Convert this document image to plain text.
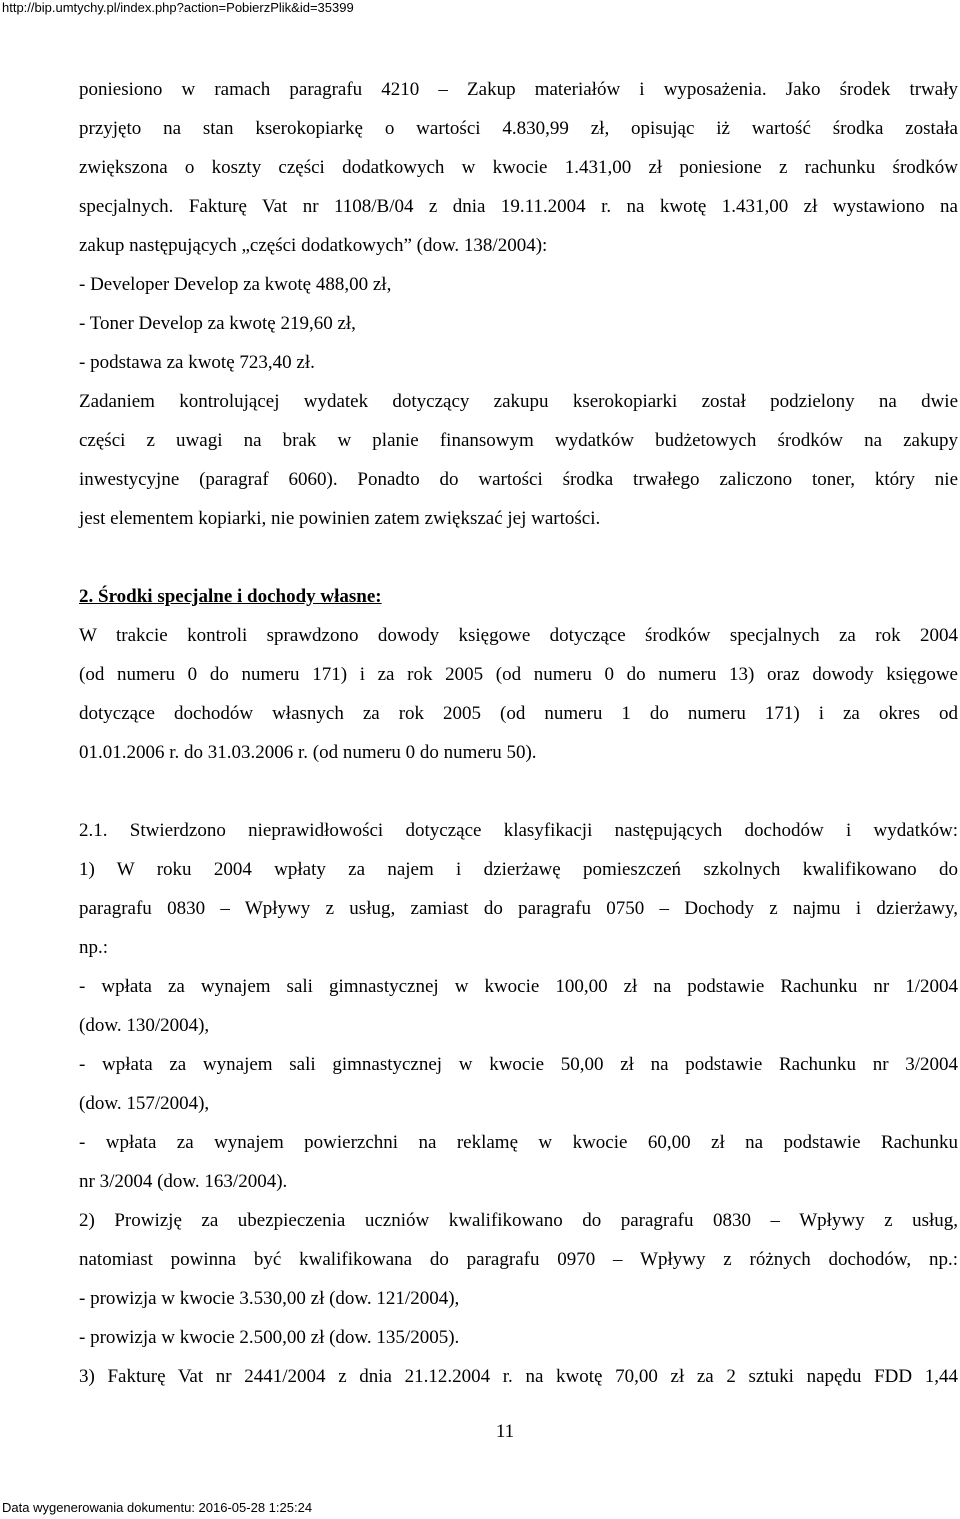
http://bip.umtychy.pl/index.php?action=PobierzPlik&id=35399
poniesiono w ramach paragrafu 4210 – Zakup materiałów i wyposażenia. Jako środek trwały
przyjęto na stan kserokopiarkę o wartości 4.830,99 zł, opisując iż wartość środka została
zwiększona o koszty części dodatkowych w kwocie 1.431,00 zł poniesione z rachunku środków
specjalnych. Fakturę Vat nr 1108/B/04 z dnia 19.11.2004 r. na kwotę 1.431,00 zł wystawiono na
zakup następujących „części dodatkowych” (dow. 138/2004):
- Developer Develop za kwotę 488,00 zł,
- Toner Develop za kwotę 219,60 zł,
- podstawa za kwotę 723,40 zł.
Zadaniem kontrolującej wydatek dotyczący zakupu kserokopiarki został podzielony na dwie
części z uwagi na brak w planie finansowym wydatków budżetowych środków na zakupy
inwestycyjne (paragraf 6060). Ponadto do wartości środka trwałego zaliczono toner, który nie
jest elementem kopiarki, nie powinien zatem zwiększać jej wartości.
2. Środki specjalne i dochody własne:
W trakcie kontroli sprawdzono dowody księgowe dotyczące środków specjalnych za rok 2004
(od numeru 0 do numeru 171) i za rok 2005 (od numeru 0 do numeru 13) oraz dowody księgowe
dotyczące dochodów własnych za rok 2005 (od numeru 1 do numeru 171) i za okres od
01.01.2006 r. do 31.03.2006 r. (od numeru 0 do numeru 50).
2.1. Stwierdzono nieprawidłowości dotyczące klasyfikacji następujących dochodów i wydatków:
1) W roku 2004 wpłaty za najem i dzierżawę pomieszczeń szkolnych kwalifikowano do
paragrafu 0830 – Wpływy z usług, zamiast do paragrafu 0750 – Dochody z najmu i dzierżawy,
np.:
- wpłata za wynajem sali gimnastycznej w kwocie 100,00 zł na podstawie Rachunku nr 1/2004
(dow. 130/2004),
- wpłata za wynajem sali gimnastycznej w kwocie 50,00 zł na podstawie Rachunku nr 3/2004
(dow. 157/2004),
- wpłata za wynajem powierzchni na reklamę w kwocie 60,00 zł na podstawie Rachunku
nr 3/2004 (dow. 163/2004).
2) Prowizję za ubezpieczenia uczniów kwalifikowano do paragrafu 0830 – Wpływy z usług,
natomiast powinna być kwalifikowana do paragrafu 0970 – Wpływy z różnych dochodów, np.:
- prowizja w kwocie 3.530,00 zł (dow. 121/2004),
- prowizja w kwocie 2.500,00 zł (dow. 135/2005).
3) Fakturę Vat nr 2441/2004 z dnia 21.12.2004 r. na kwotę 70,00 zł za 2 sztuki napędu FDD 1,44
11
Data wygenerowania dokumentu: 2016-05-28 1:25:24
